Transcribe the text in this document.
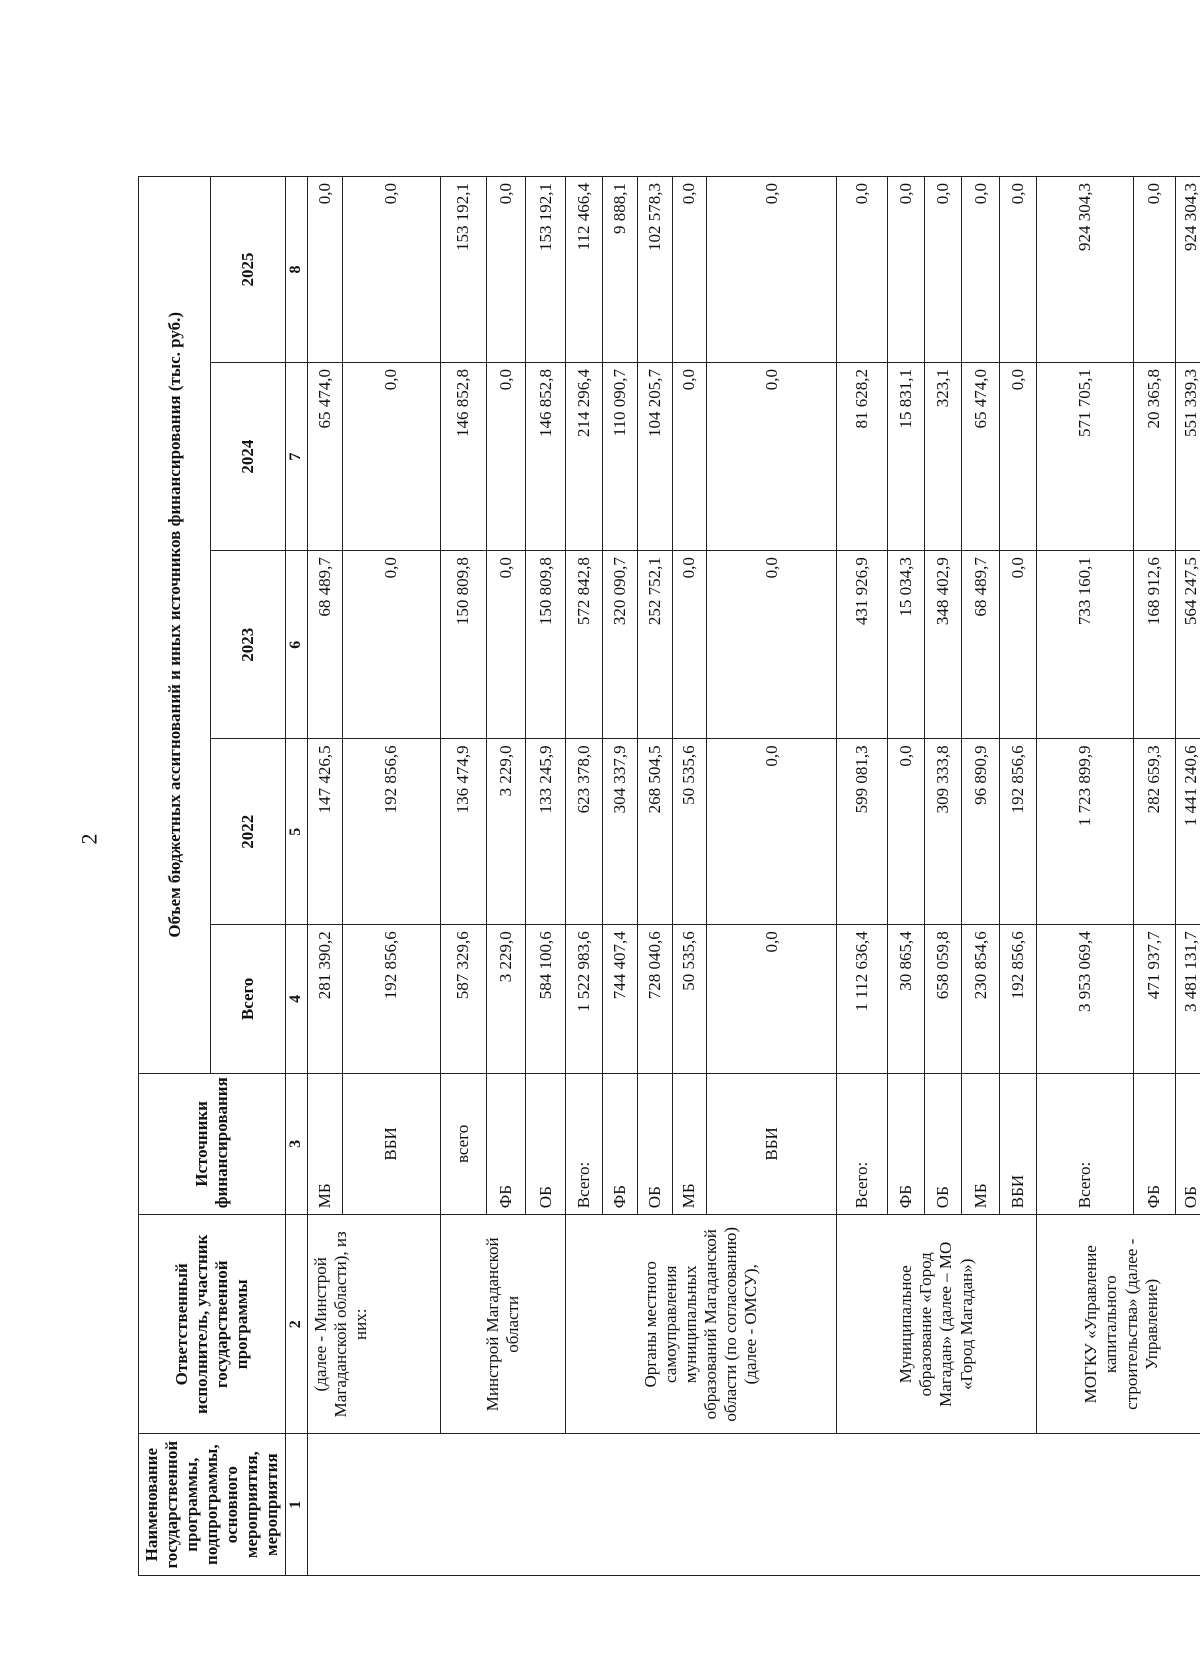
2
Наименование государственной программы, подпрограммы, основного мероприятия, мероприятия	Ответственный исполнитель, участник государственной программы	Источники финансирования	Объем бюджетных ассигнований и иных источников финансирования (тыс. руб.)				
			Всего	2022	2023	2024	2025
1	2	3	4	5	6	7	8
	(далее - Минстрой Магаданской области), из них:	МБ	281 390,2	147 426,5	68 489,7	65 474,0	0,0
		ВБИ	192 856,6	192 856,6	0,0	0,0	0,0
	Минстрой Магаданской области	всего	587 329,6	136 474,9	150 809,8	146 852,8	153 192,1
		ФБ	3 229,0	3 229,0	0,0	0,0	0,0
		ОБ	584 100,6	133 245,9	150 809,8	146 852,8	153 192,1
	Органы местного самоуправления муниципальных образований Магаданской области (по согласованию) (далее - ОМСУ),	Всего:	1 522 983,6	623 378,0	572 842,8	214 296,4	112 466,4
		ФБ	744 407,4	304 337,9	320 090,7	110 090,7	9 888,1
		ОБ	728 040,6	268 504,5	252 752,1	104 205,7	102 578,3
		МБ	50 535,6	50 535,6	0,0	0,0	0,0
		ВБИ	0,0	0,0	0,0	0,0	0,0
	Муниципальное образование «Город Магадан» (далее – МО «Город Магадан»)	Всего:	1 112 636,4	599 081,3	431 926,9	81 628,2	0,0
		ФБ	30 865,4	0,0	15 034,3	15 831,1	0,0
		ОБ	658 059,8	309 333,8	348 402,9	323,1	0,0
		МБ	230 854,6	96 890,9	68 489,7	65 474,0	0,0
		ВБИ	192 856,6	192 856,6	0,0	0,0	0,0
	МОГКУ «Управление капитального строительства» (далее - Управление)	Всего:	3 953 069,4	1 723 899,9	733 160,1	571 705,1	924 304,3
		ФБ	471 937,7	282 659,3	168 912,6	20 365,8	0,0
		ОБ	3 481 131,7	1 441 240,6	564 247,5	551 339,3	924 304,3
